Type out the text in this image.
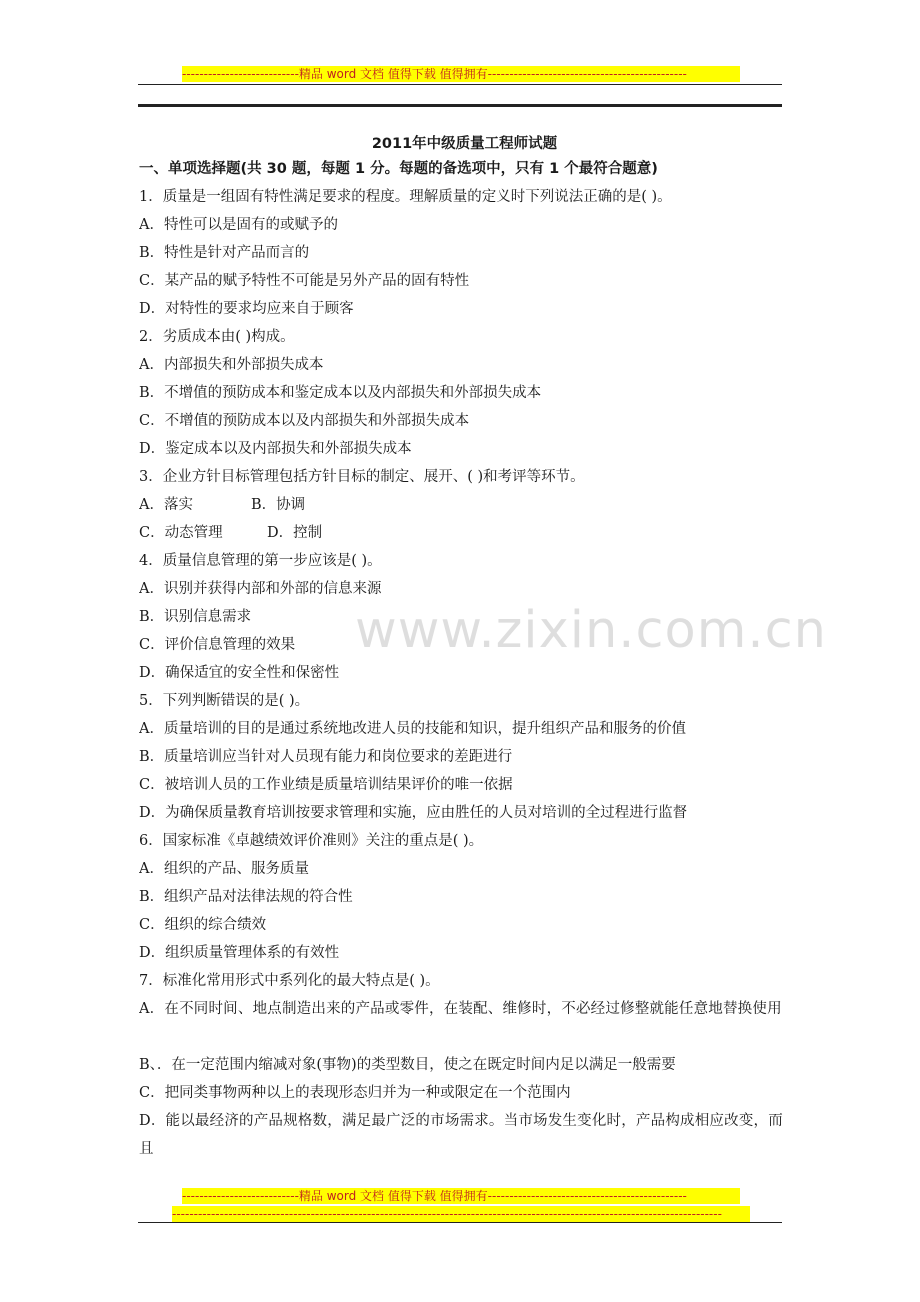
---------------------------精品 word 文档 值得下载 值得拥有----------------------------------------------
www.zixin.com.cn
2011年中级质量工程师试题
一、单项选择题(共 30 题，每题 1 分。每题的备选项中，只有 1 个最符合题意)
1．质量是一组固有特性满足要求的程度。理解质量的定义时下列说法正确的是( )。
A．特性可以是固有的或赋予的
B．特性是针对产品而言的
C．某产品的赋予特性不可能是另外产品的固有特性
D．对特性的要求均应来自于顾客
2．劣质成本由( )构成。
A．内部损失和外部损失成本
B．不增值的预防成本和鉴定成本以及内部损失和外部损失成本
C．不增值的预防成本以及内部损失和外部损失成本
D．鉴定成本以及内部损失和外部损失成本
3．企业方针目标管理包括方针目标的制定、展开、( )和考评等环节。
A．落实	B．协调
C．动态管理	D．控制
4．质量信息管理的第一步应该是( )。
A．识别并获得内部和外部的信息来源
B．识别信息需求
C．评价信息管理的效果
D．确保适宜的安全性和保密性
5．下列判断错误的是( )。
A．质量培训的目的是通过系统地改进人员的技能和知识，提升组织产品和服务的价值
B．质量培训应当针对人员现有能力和岗位要求的差距进行
C．被培训人员的工作业绩是质量培训结果评价的唯一依据
D．为确保质量教育培训按要求管理和实施，应由胜任的人员对培训的全过程进行监督
6．国家标准《卓越绩效评价准则》关注的重点是( )。
A．组织的产品、服务质量
B．组织产品对法律法规的符合性
C．组织的综合绩效
D．组织质量管理体系的有效性
7．标准化常用形式中系列化的最大特点是( )。
A．在不同时间、地点制造出来的产品或零件，在装配、维修时，不必经过修整就能任意地替换使用
B、．在一定范围内缩减对象(事物)的类型数目，使之在既定时间内足以满足一般需要
C．把同类事物两种以上的表现形态归并为一种或限定在一个范围内
D．能以最经济的产品规格数，满足最广泛的市场需求。当市场发生变化时，产品构成相应改变，而且
---------------------------精品 word 文档 值得下载 值得拥有----------------------------------------------
-------------------------------------------------------------------------------------------------------------------------------
